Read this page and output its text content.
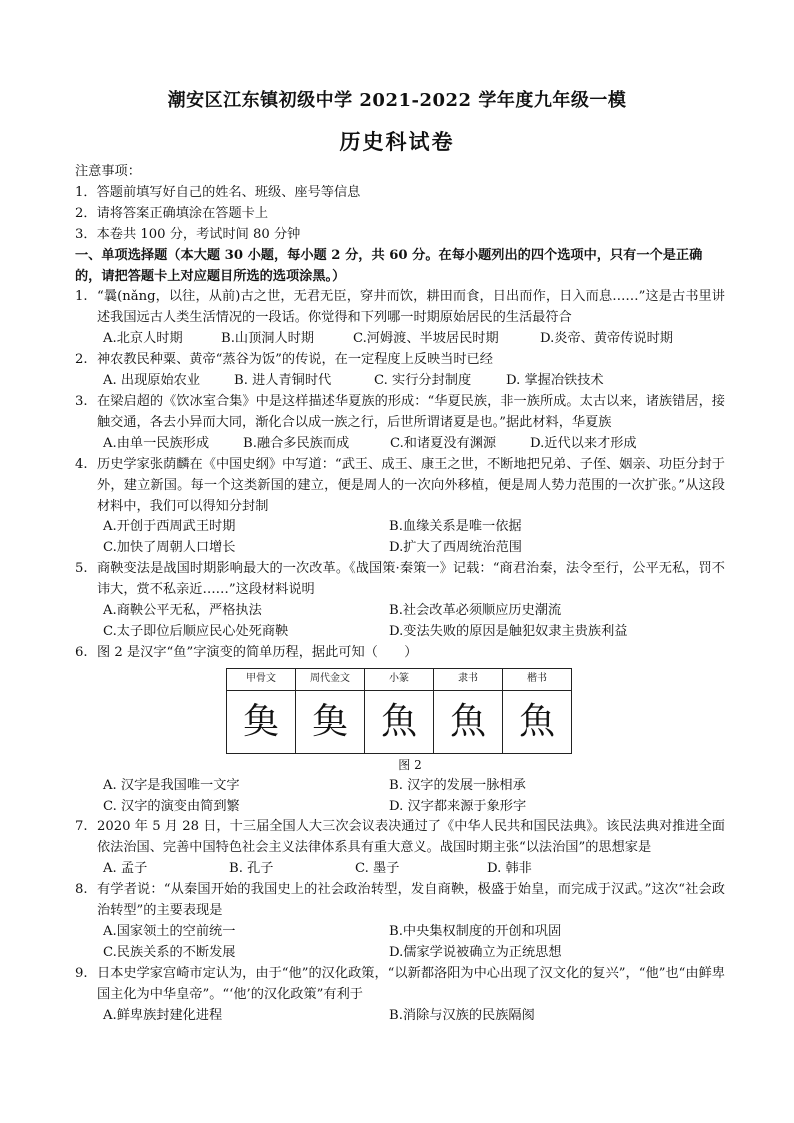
潮安区江东镇初级中学 2021-2022 学年度九年级一模
历史科试卷
注意事项：
1．答题前填写好自己的姓名、班级、座号等信息
2．请将答案正确填涂在答题卡上
3．本卷共 100 分，考试时间 80 分钟
一、单项选择题（本大题 30 小题，每小题 2 分，共 60 分。在每小题列出的四个选项中，只有一个是正确
的，请把答题卡上对应题目所选的选项涂黑。）
1. “曩(nǎng，以往，从前)古之世，无君无臣，穿井而饮，耕田而食，日出而作，日入而息……”这是古书里讲述我国远古人类生活情况的一段话。你觉得和下列哪一时期原始居民的生活最符合
A.北京人时期	B.山顶洞人时期	C.河姆渡、半坡居民时期	D.炎帝、黄帝传说时期
2. 神农教民种粟、黄帝“蒸谷为饭”的传说，在一定程度上反映当时已经
A. 出现原始农业	B. 进人青铜时代	C. 实行分封制度	D. 掌握冶铁技术
3. 在梁启超的《饮冰室合集》中是这样描述华夏族的形成：“华夏民族，非一族所成。太古以来，诸族错居，接触交通，各去小异而大同，渐化合以成一族之行，后世所谓诸夏是也。”据此材料，华夏族
A.由单一民族形成	B.融合多民族而成	C.和诸夏没有渊源	D.近代以来才形成
4. 历史学家张荫麟在《中国史纲》中写道：“武王、成王、康王之世，不断地把兄弟、子侄、姻亲、功臣分封于外，建立新国。每一个这类新国的建立，便是周人的一次向外移植，便是周人势力范围的一次扩张。”从这段材料中，我们可以得知分封制
A.开创于西周武王时期	B.血缘关系是唯一依据
C.加快了周朝人口增长	D.扩大了西周统治范围
5. 商鞅变法是战国时期影响最大的一次改革。《战国策·秦策一》记载：“商君治秦，法令至行，公平无私，罚不讳大，赏不私亲近……”这段材料说明
A.商鞅公平无私，严格执法	B.社会改革必须顺应历史潮流
C.太子即位后顺应民心处死商鞅	D.变法失败的原因是触犯奴隶主贵族利益
6. 图 2 是汉字“鱼”字演变的简单历程，据此可知（　　）
甲骨文	周代金文	小篆	隶书	楷书
𩵋	𩵋	魚	魚	魚
图 2
A. 汉字是我国唯一文字	B. 汉字的发展一脉相承
C. 汉字的演变由简到繁	D. 汉字都来源于象形字
7. 2020 年 5 月 28 日，十三届全国人大三次会议表决通过了《中华人民共和国民法典》。该民法典对推进全面依法治国、完善中国特色社会主义法律体系具有重大意义。战国时期主张“以法治国”的思想家是
A. 孟子	B. 孔子	C. 墨子	D. 韩非
8. 有学者说：“从秦国开始的我国史上的社会政治转型，发自商鞅，极盛于始皇，而完成于汉武。”这次“社会政治转型”的主要表现是
A.国家领土的空前统一	B.中央集权制度的开创和巩固
C.民族关系的不断发展	D.儒家学说被确立为正统思想
9. 日本史学家宫崎市定认为，由于“他”的汉化政策，“以新都洛阳为中心出现了汉文化的复兴”，“他”也“由鲜卑国主化为中华皇帝”。“‘他’的汉化政策”有利于
A.鲜卑族封建化进程	B.消除与汉族的民族隔阂
